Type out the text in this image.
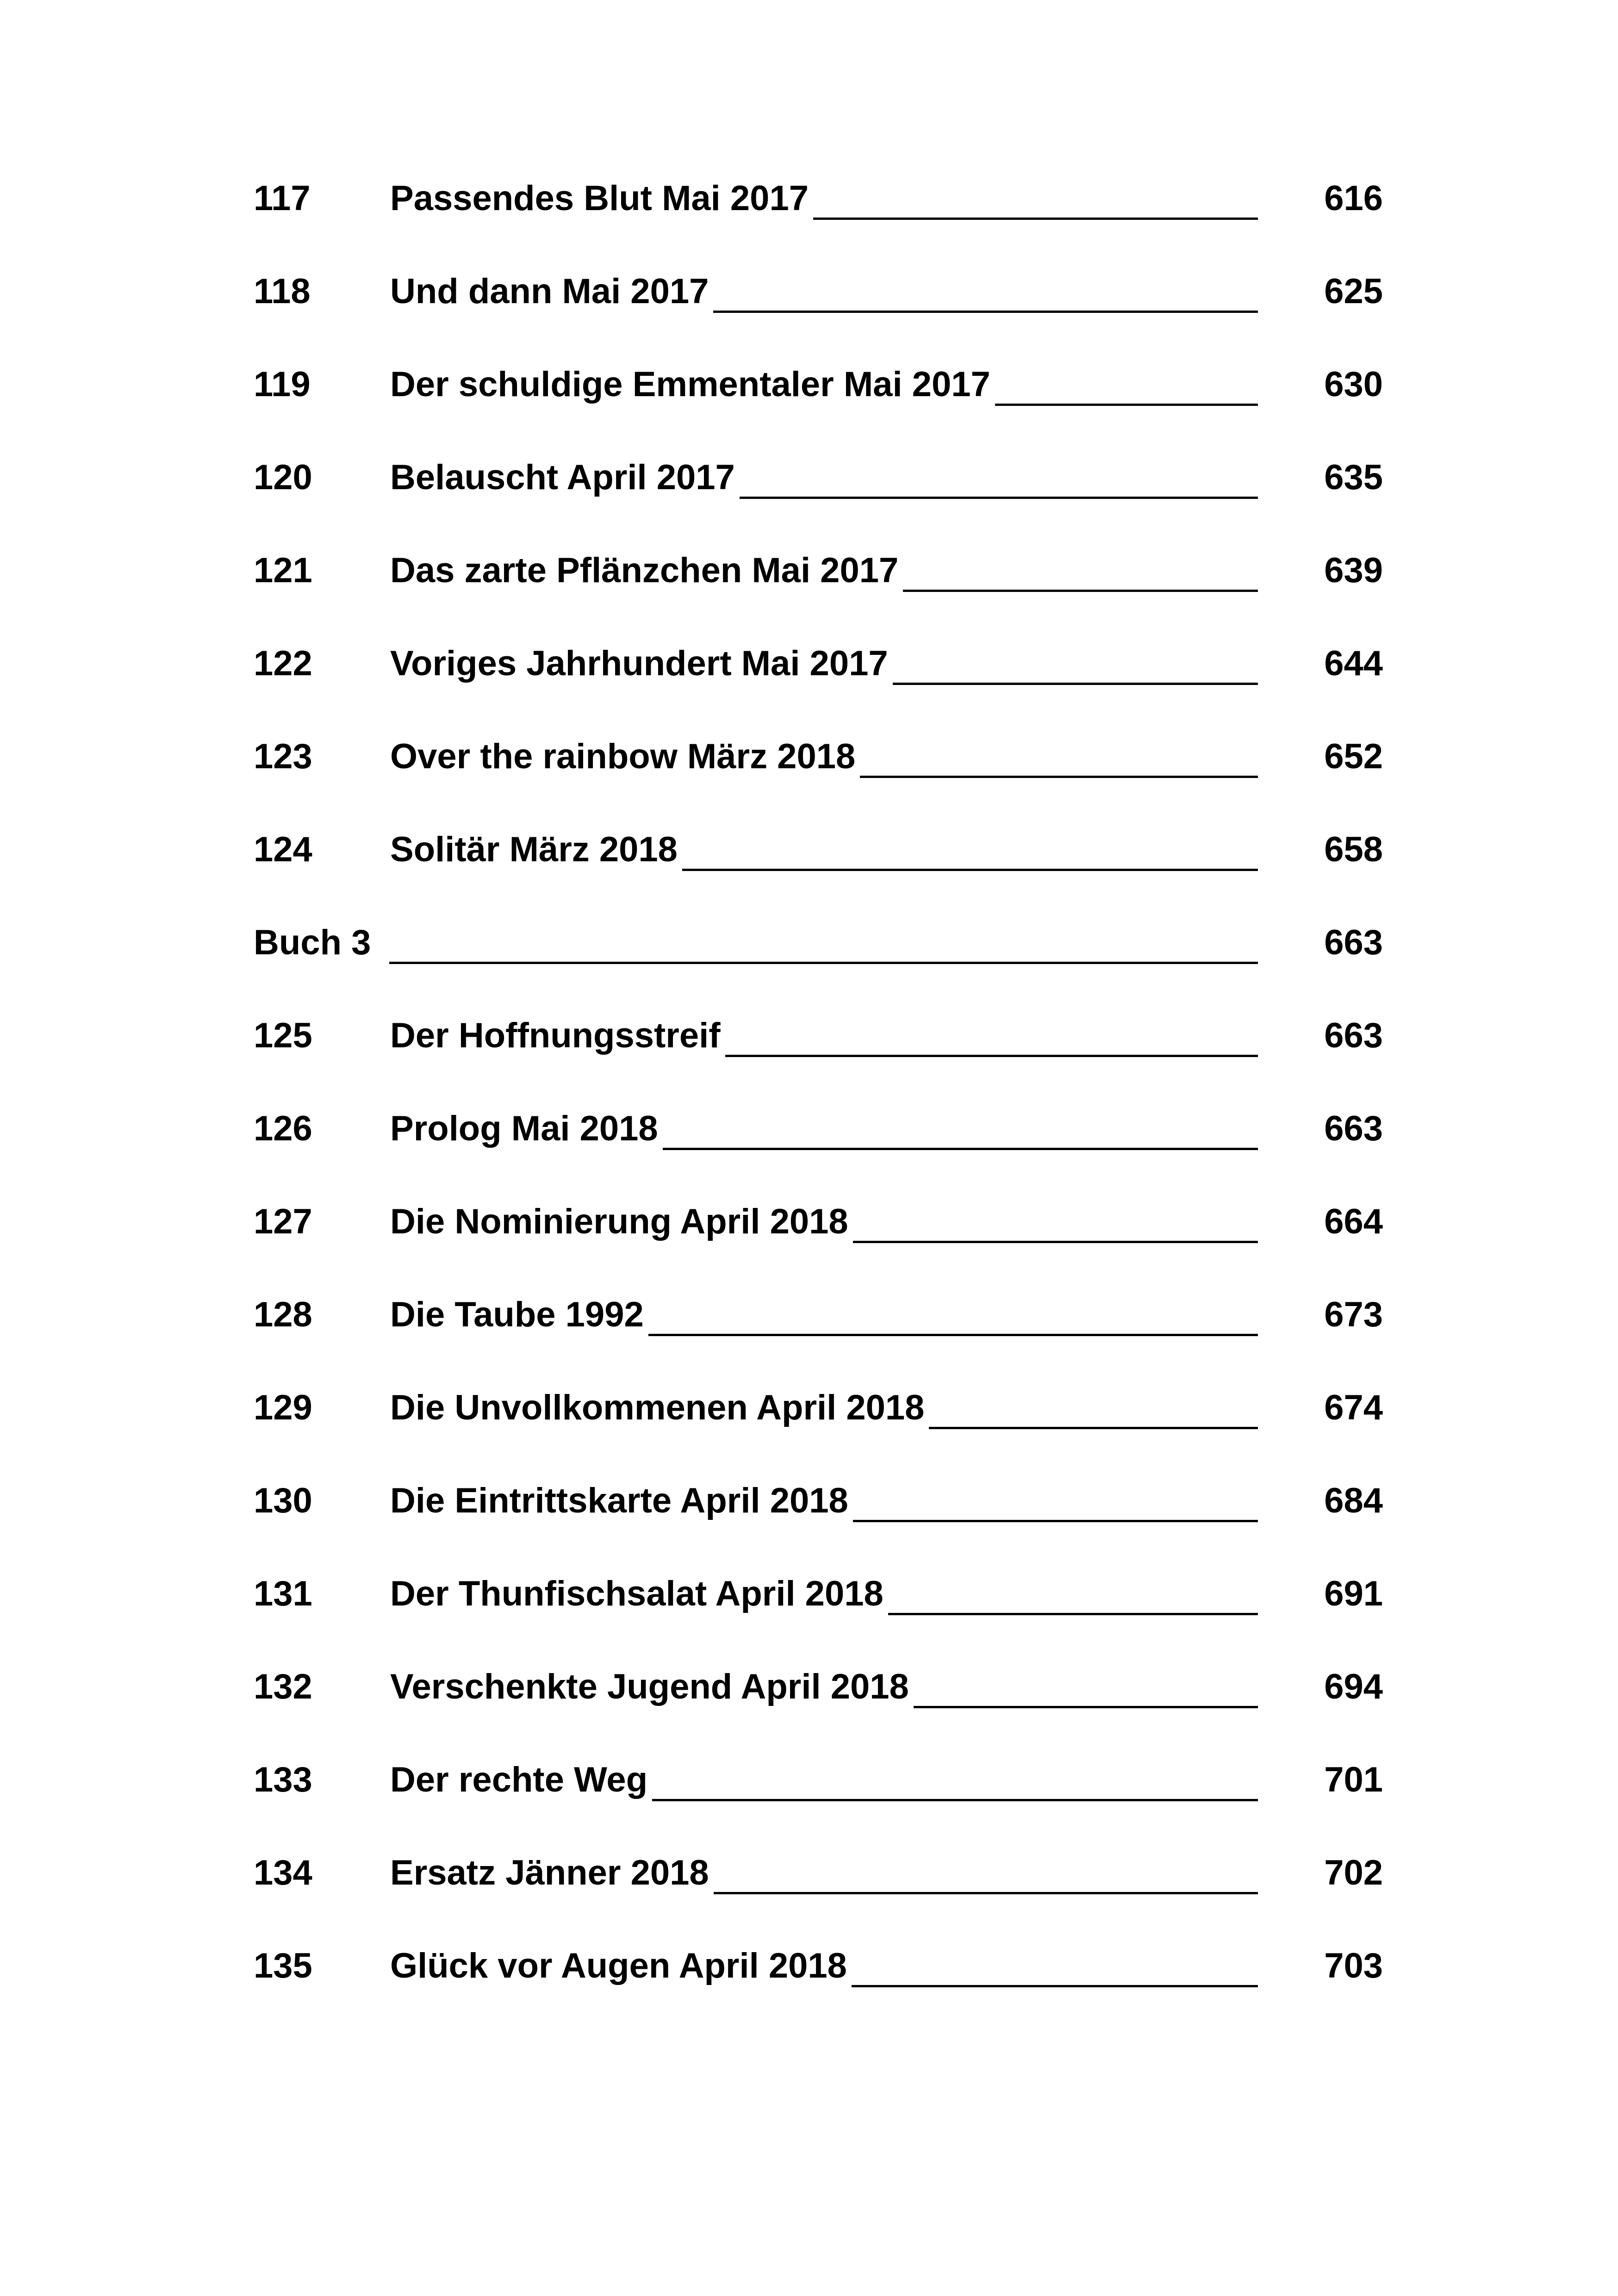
117 Passendes Blut Mai 2017	616
118 Und dann Mai 2017	625
119 Der schuldige Emmentaler Mai 2017	630
120 Belauscht April 2017	635
121 Das zarte Pflänzchen Mai 2017	639
122 Voriges Jahrhundert Mai 2017	644
123 Over the rainbow März 2018	652
124 Solitär März 2018	658
Buch 3	663
125 Der Hoffnungsstreif	663
126 Prolog Mai 2018	663
127 Die Nominierung April 2018	664
128 Die Taube 1992	673
129 Die Unvollkommenen April 2018	674
130 Die Eintrittskarte April 2018	684
131 Der Thunfischsalat April 2018	691
132 Verschenkte Jugend April 2018	694
133 Der rechte Weg	701
134 Ersatz Jänner 2018	702
135 Glück vor Augen April 2018	703
